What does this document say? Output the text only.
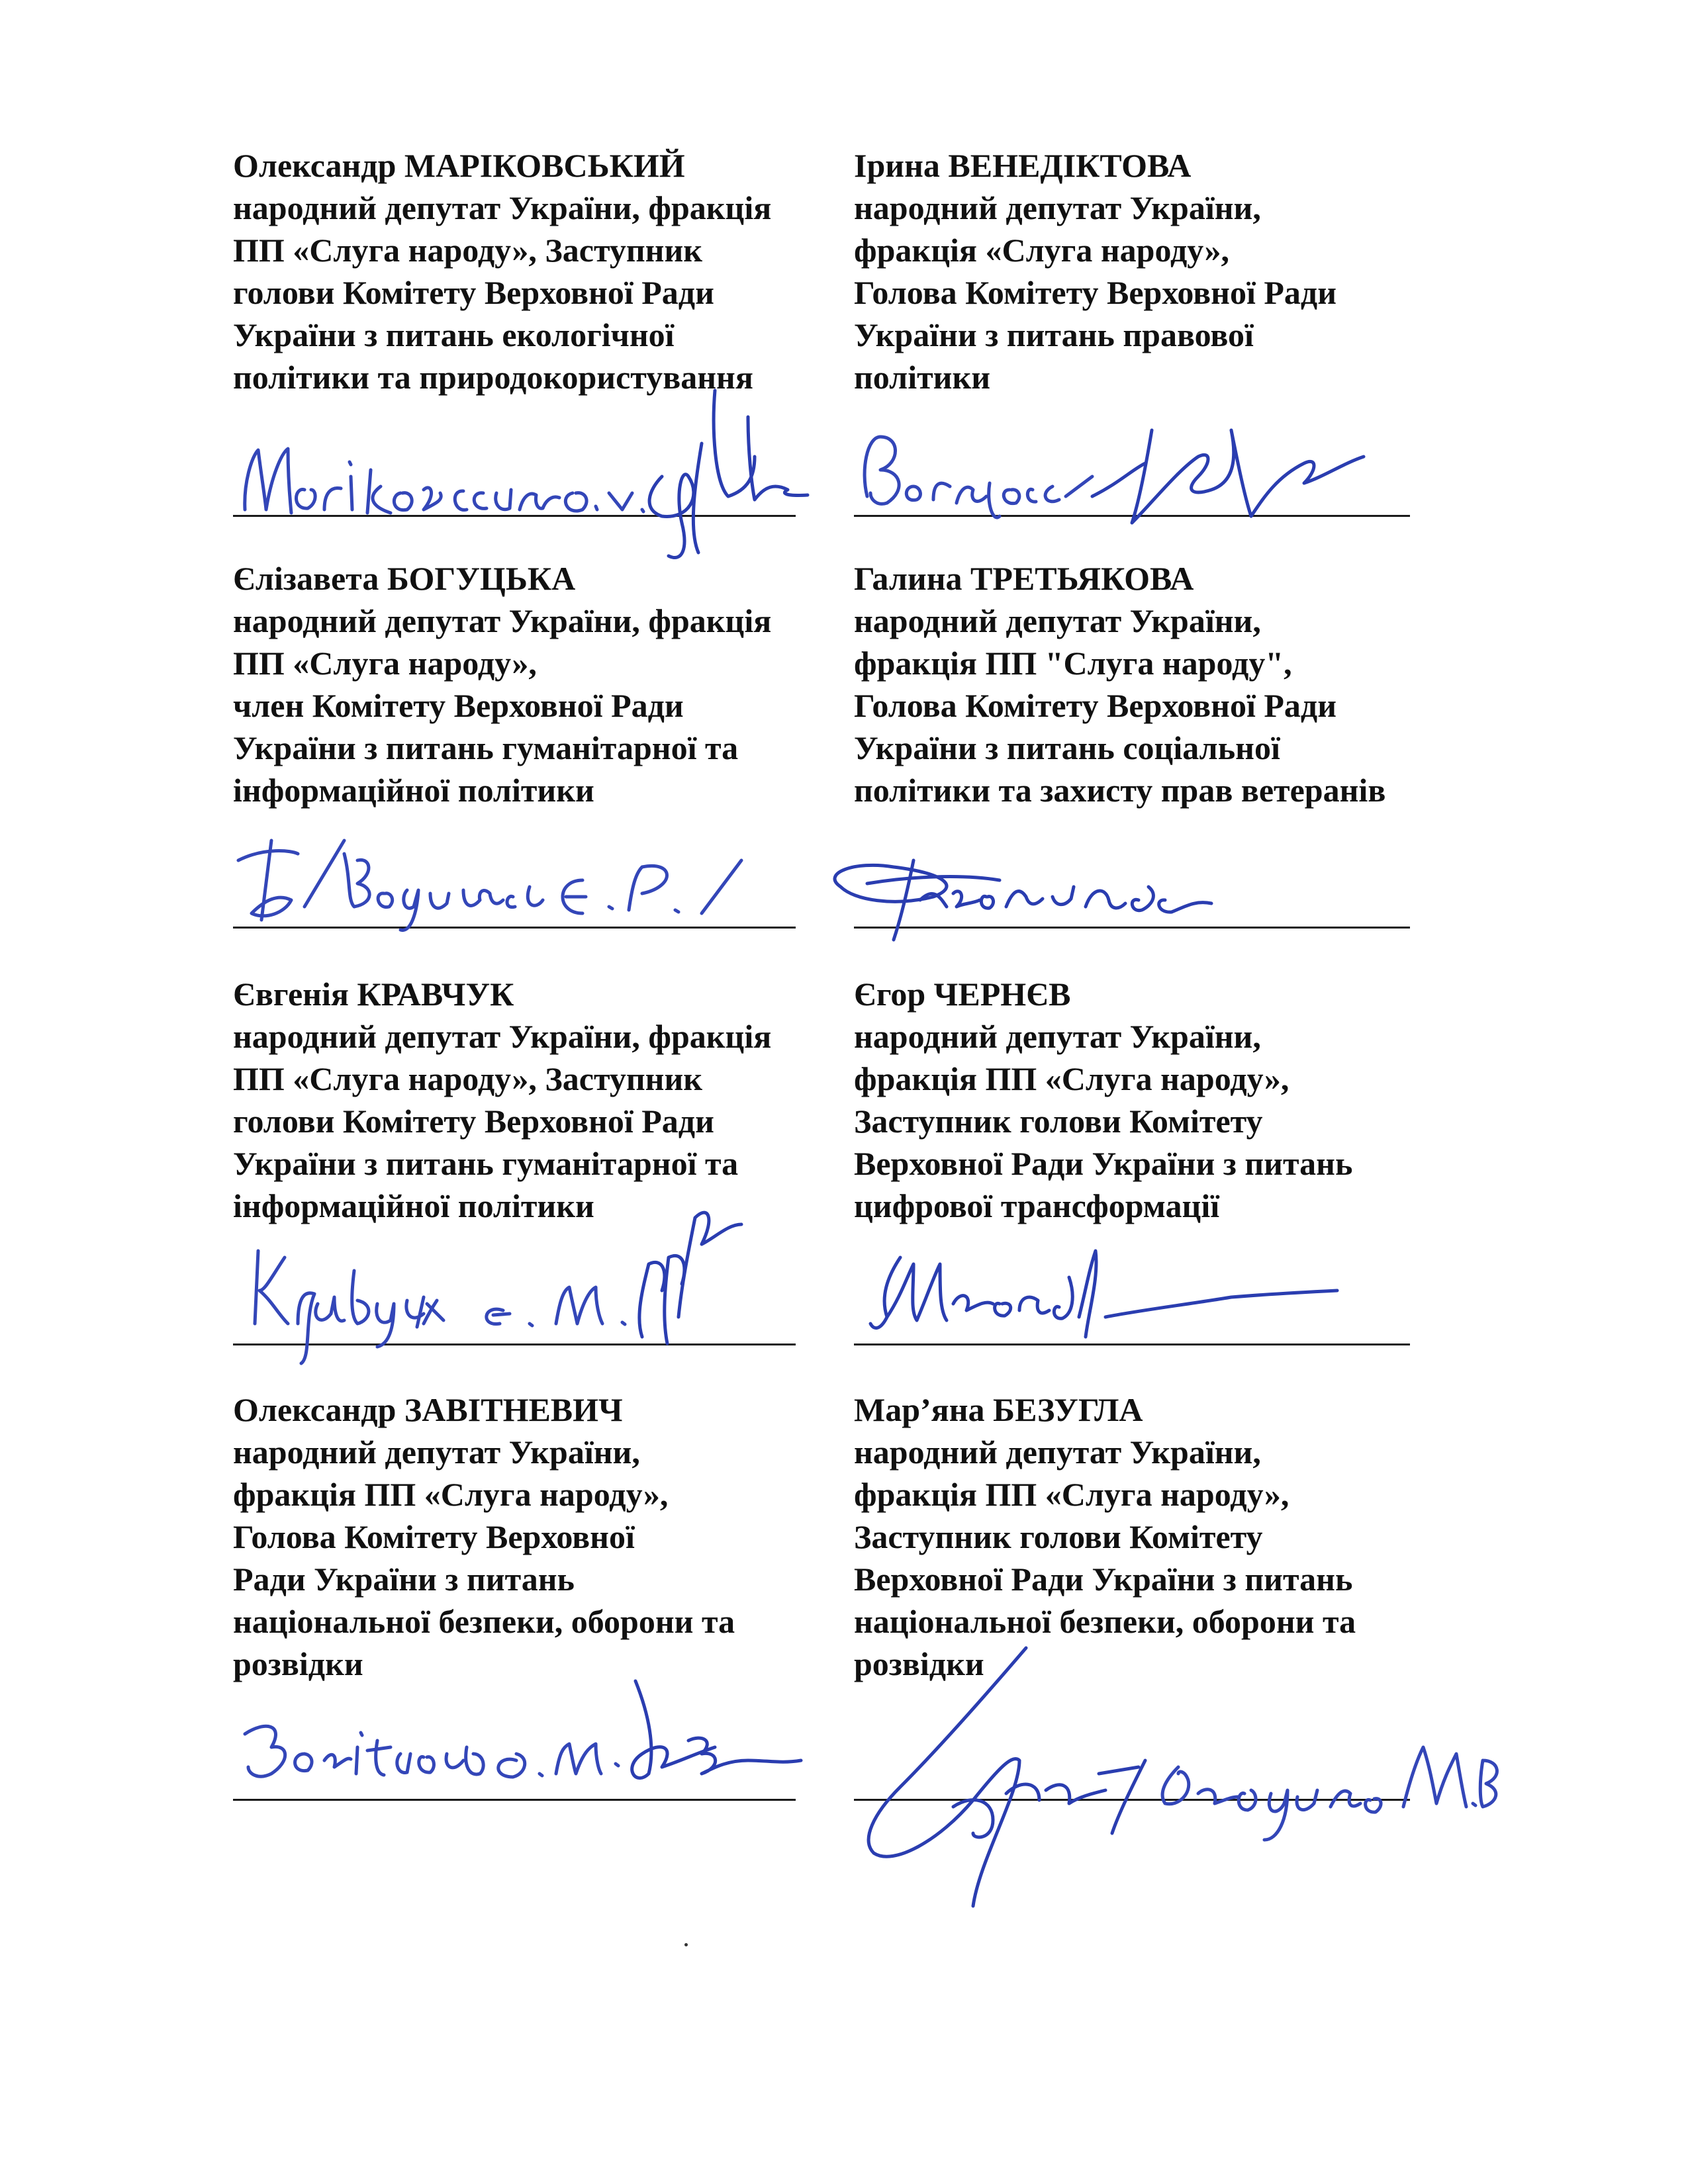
Олександр МАРІКОВСЬКИЙ

народний депутат України, фракція
ПП «Слуга народу», Заступник
голови Комітету Верховної Ради
України з питань екологічної
політики та природокористування

Ірина ВЕНЕДІКТОВА

народний депутат України,
фракція «Слуга народу»,
Голова Комітету Верховної Ради
України з питань правової
політики

Єлізавета БОГУЦЬКА

народний депутат України, фракція
ПП «Слуга народу»,
член Комітету Верховної Ради
України з питань гуманітарної та
інформаційної політики

Галина ТРЕТЬЯКОВА

народний депутат України,
фракція ПП "Слуга народу",
Голова Комітету Верховної Ради
України з питань соціальної
політики та захисту прав ветеранів

Євгенія КРАВЧУК

народний депутат України, фракція
ПП «Слуга народу», Заступник
голови Комітету Верховної Ради
України з питань гуманітарної та
інформаційної політики

Єгор ЧЕРНЄВ

народний депутат України,
фракція ПП «Слуга народу»,
Заступник голови Комітету
Верховної Ради України з питань
цифрової трансформації

Олександр ЗАВІТНЕВИЧ

народний депутат України,
фракція ПП «Слуга народу»,
Голова Комітету Верховної
Ради України з питань
національної безпеки, оборони та
розвідки

Мар’яна БЕЗУГЛА

народний депутат України,
фракція ПП «Слуга народу»,
Заступник голови Комітету
Верховної Ради України з питань
національної безпеки, оборони та
розвідки
